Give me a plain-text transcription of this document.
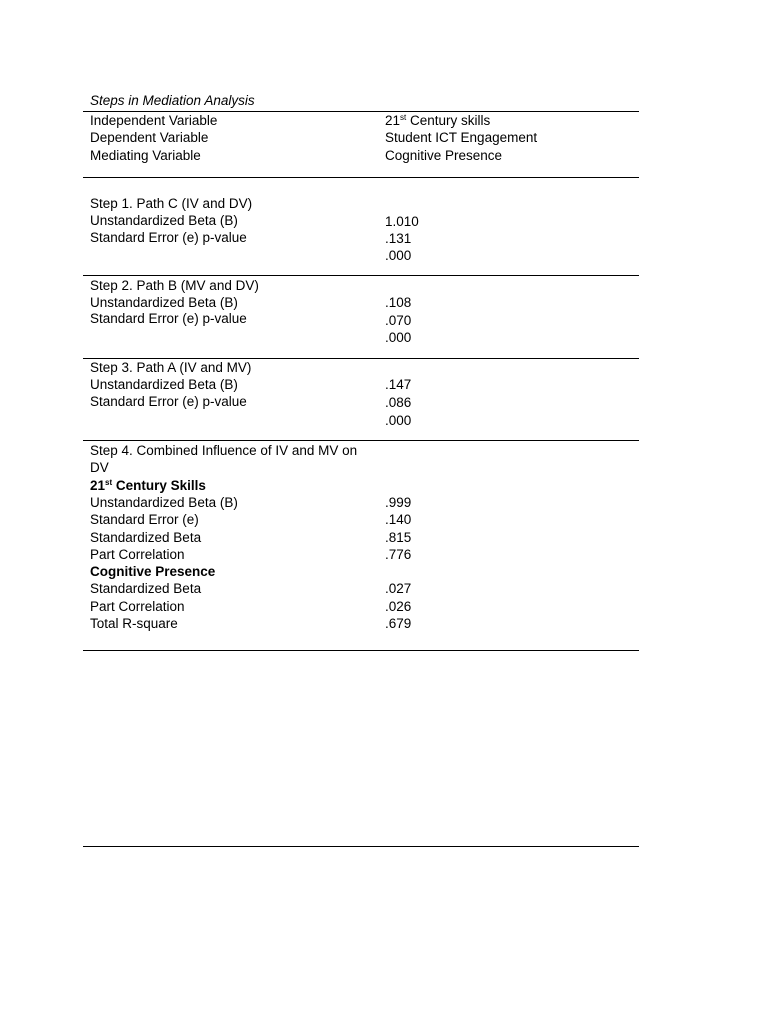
Steps in Mediation Analysis
Independent Variable
Dependent Variable
Mediating Variable
21st Century skills
Student ICT Engagement
Cognitive Presence
Step 1. Path C (IV and DV)
Unstandardized Beta (B)
Standard Error (e) p-value
1.010
.131
.000
Step 2. Path B (MV and DV)
Unstandardized Beta (B)
Standard Error (e) p-value
.108
.070
.000
Step 3. Path A (IV and MV)
Unstandardized Beta (B)
Standard Error (e) p-value
.147
.086
.000
Step 4. Combined Influence of IV and MV on DV
21st Century Skills
Unstandardized Beta (B)
Standard Error (e)
Standardized Beta
Part Correlation
.999
.140
.815
.776
Cognitive Presence
Standardized Beta
Part Correlation
Total R-square
.027
.026
.679
